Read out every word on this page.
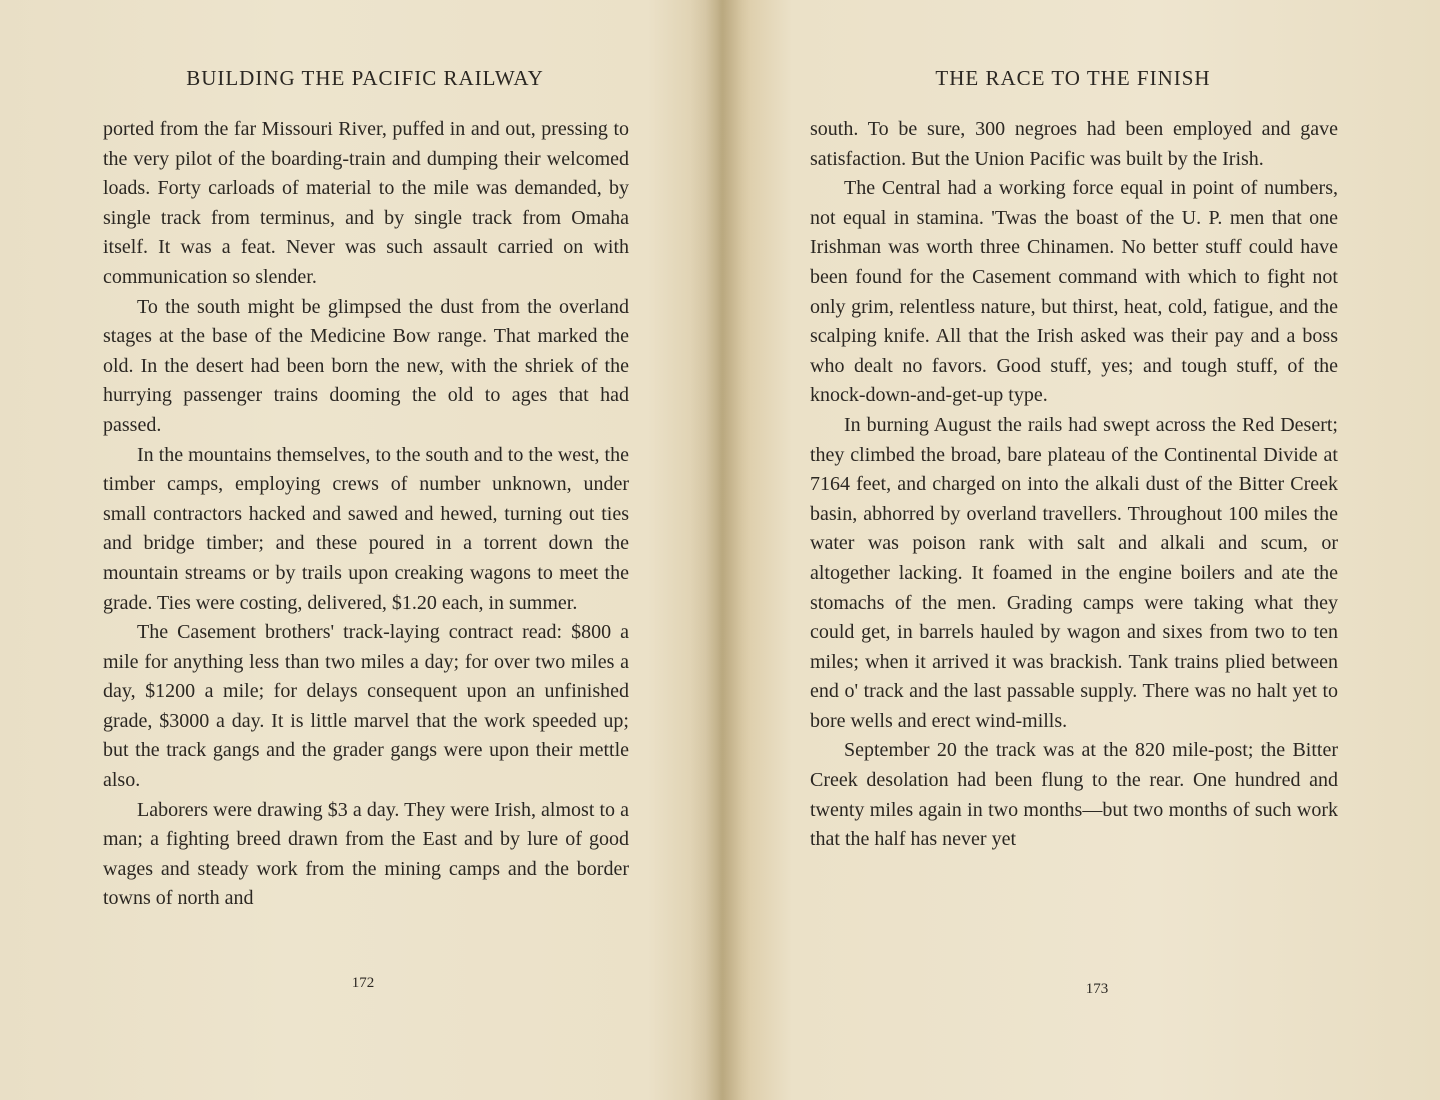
BUILDING THE PACIFIC RAILWAY

ported from the far Missouri River, puffed in and out, pressing to the very pilot of the boarding-train and dumping their welcomed loads. Forty carloads of material to the mile was demanded, by single track from terminus, and by single track from Omaha itself. It was a feat. Never was such assault carried on with communication so slender.

To the south might be glimpsed the dust from the overland stages at the base of the Medicine Bow range. That marked the old. In the desert had been born the new, with the shriek of the hurrying passenger trains dooming the old to ages that had passed.

In the mountains themselves, to the south and to the west, the timber camps, employing crews of number unknown, under small contractors hacked and sawed and hewed, turning out ties and bridge timber; and these poured in a torrent down the mountain streams or by trails upon creaking wagons to meet the grade. Ties were costing, delivered, $1.20 each, in summer.

The Casement brothers' track-laying contract read: $800 a mile for anything less than two miles a day; for over two miles a day, $1200 a mile; for delays consequent upon an unfinished grade, $3000 a day. It is little marvel that the work speeded up; but the track gangs and the grader gangs were upon their mettle also.

Laborers were drawing $3 a day. They were Irish, almost to a man; a fighting breed drawn from the East and by lure of good wages and steady work from the mining camps and the border towns of north and

172
THE RACE TO THE FINISH

south. To be sure, 300 negroes had been employed and gave satisfaction. But the Union Pacific was built by the Irish.

The Central had a working force equal in point of numbers, not equal in stamina. 'Twas the boast of the U. P. men that one Irishman was worth three Chinamen. No better stuff could have been found for the Casement command with which to fight not only grim, relentless nature, but thirst, heat, cold, fatigue, and the scalping knife. All that the Irish asked was their pay and a boss who dealt no favors. Good stuff, yes; and tough stuff, of the knock-down-and-get-up type.

In burning August the rails had swept across the Red Desert; they climbed the broad, bare plateau of the Continental Divide at 7164 feet, and charged on into the alkali dust of the Bitter Creek basin, abhorred by overland travellers. Throughout 100 miles the water was poison rank with salt and alkali and scum, or altogether lacking. It foamed in the engine boilers and ate the stomachs of the men. Grading camps were taking what they could get, in barrels hauled by wagon and sixes from two to ten miles; when it arrived it was brackish. Tank trains plied between end o' track and the last passable supply. There was no halt yet to bore wells and erect wind-mills.

September 20 the track was at the 820 mile-post; the Bitter Creek desolation had been flung to the rear. One hundred and twenty miles again in two months—but two months of such work that the half has never yet

173
